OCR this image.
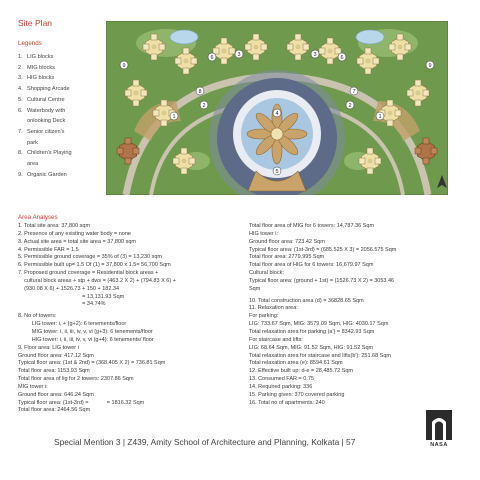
Site Plan
Legends
1. LIG blocks
2. MIG blocks
3. HIG blocks
4. Shopping Arcade
5. Cultural Centre
6. Waterbody with
onlooking Deck
7. Senior citizen's
park
8. Children's Playing
area
9. Organic Garden
1	1
2	2
3	3
4
5
6	6
7
8
9	9
Area Analyses
1. Total site area: 37,800 sqm
2. Presence of any existing water body = none
3. Actual site area = total site area = 37,800 sqm
4. Permissible FAR = 1.5
5. Permissible ground coverage = 35% of (3) = 13,230 sqm
6. Permissible built up= 1.5 Of (1) = 37,800 x 1.5= 56,700 Sqm
7. Proposed ground coverage = Residential block areas +
cultural block areas + stp + dws = (463.2 X 2) + (794.83 X 6) +
(930.08 X 6) + 1526.73 + 150 + 182.34
= 13,131.93 Sqm
= 34.74%
8. No of towers:
LIG tower: i, + (g+2): 6 tenements/floor
MIG tower: i, ii, iii, iv, v, vi (g+3): 6 tenements/floor
HIG tower: i, ii, iii, iv, v, vi (g+4): 6 tenements/ floor
9. Floor area: LIG tower i
Ground floor area: 417.12 Sqm
Typical floor area: (1st & 2nd) = (368.405 X 2) = 736.81 Sqm
Total floor area: 1153.93 Sqm
Total floor area of lig for 2 towers: 2307.86 Sqm
MIG tower i:
Ground floor area: 646.24 Sqm
Typical floor area: (1st-3rd) =            = 1816.32 Sqm
Total floor area: 2464.56 Sqm
Total floor area of MIG for 6 towers: 14,787.36 Sqm
HIG tower i:
Ground floor area: 723.42 Sqm
Typical floor area: (1st-3rd) = (685.525 X 3) = 2056.575 Sqm
Total floor area: 2779.995 Sqm
Total floor area of HIG for 6 towers: 16,679.97 Sqm
Cultural block:
Typical floor area: (ground + 1st) = (1526.73 X 2) = 3053.46
Sqm
10. Total construction area (d) = 36828.65 Sqm
11. Relaxation area:
For parking:
LIG: 733.67 Sqm, MIG: 3579.09 Sqm, HIG: 4030.17 Sqm
Total relaxation area for parking (a') = 8342.93 Sqm
For staircase and lifts:
LIG: 68.64 Sqm, MIG: 91.52 Sqm, HIG: 91.52 Sqm
Total relaxation area for staircase and lifts(b'): 251.68 Sqm
Total relaxation area (e): 8594.61 Sqm
12. Effective built up: d-e = 28,485.72 Sqm
13. Consumed FAR = 0.75
14. Required parking: 336
15. Parking given: 370 covered parking
16. Total no of apartments: 240
Special Mention 3 | Z439, Amity School of Architecture and Planning, Kolkata | 57	NASA
